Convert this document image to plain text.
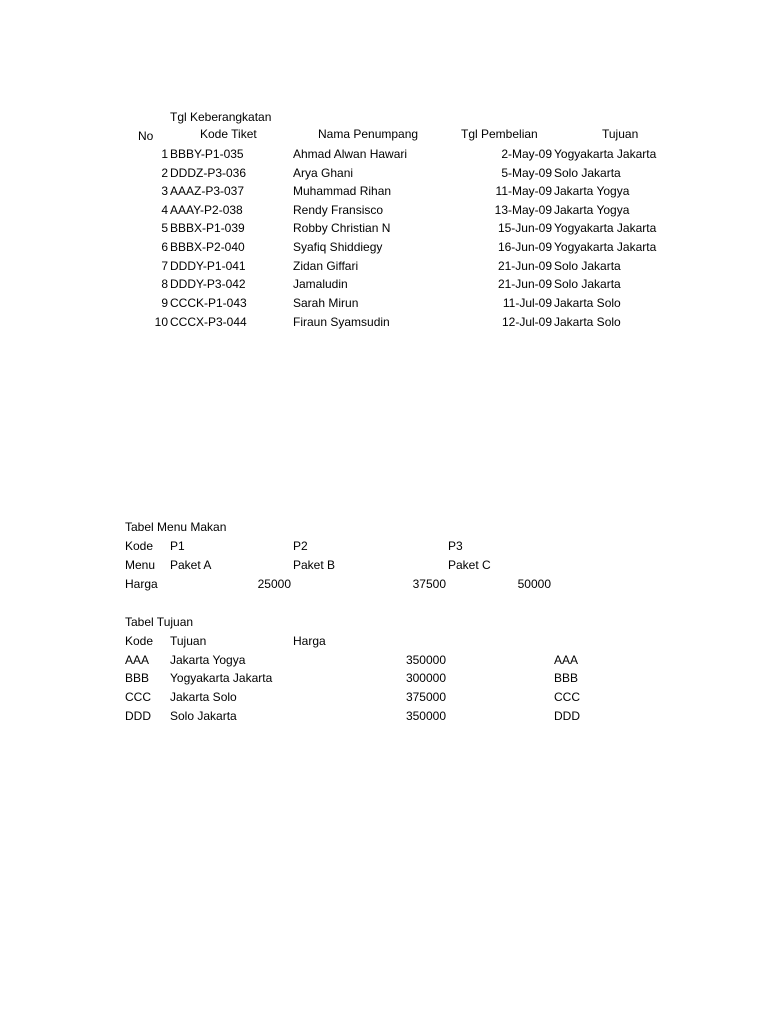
Tgl Keberangkatan
No	Kode Tiket	Nama Penumpang	Tgl Pembelian	Tujuan
1 BBBY-P1-035	Ahmad Alwan Hawari	2-May-09 Yogyakarta Jakarta
2 DDDZ-P3-036	Arya Ghani	5-May-09 Solo Jakarta
3 AAAZ-P3-037	Muhammad Rihan	11-May-09 Jakarta Yogya
4 AAAY-P2-038	Rendy Fransisco	13-May-09 Jakarta Yogya
5 BBBX-P1-039	Robby Christian N	15-Jun-09 Yogyakarta Jakarta
6 BBBX-P2-040	Syafiq Shiddiegy	16-Jun-09 Yogyakarta Jakarta
7 DDDY-P1-041	Zidan Giffari	21-Jun-09 Solo Jakarta
8 DDDY-P3-042	Jamaludin	21-Jun-09 Solo Jakarta
9 CCCK-P1-043	Sarah Mirun	11-Jul-09 Jakarta Solo
10 CCCX-P3-044	Firaun Syamsudin	12-Jul-09 Jakarta Solo
Tabel Menu Makan
Kode P1	P2	P3
Menu Paket A	Paket B	Paket C
Harga	25000	37500	50000
Tabel Tujuan
Kode Tujuan	Harga
AAA Jakarta Yogya	350000	AAA
BBB Yogyakarta Jakarta	300000	BBB
CCC Jakarta Solo	375000	CCC
DDD Solo Jakarta	350000	DDD
